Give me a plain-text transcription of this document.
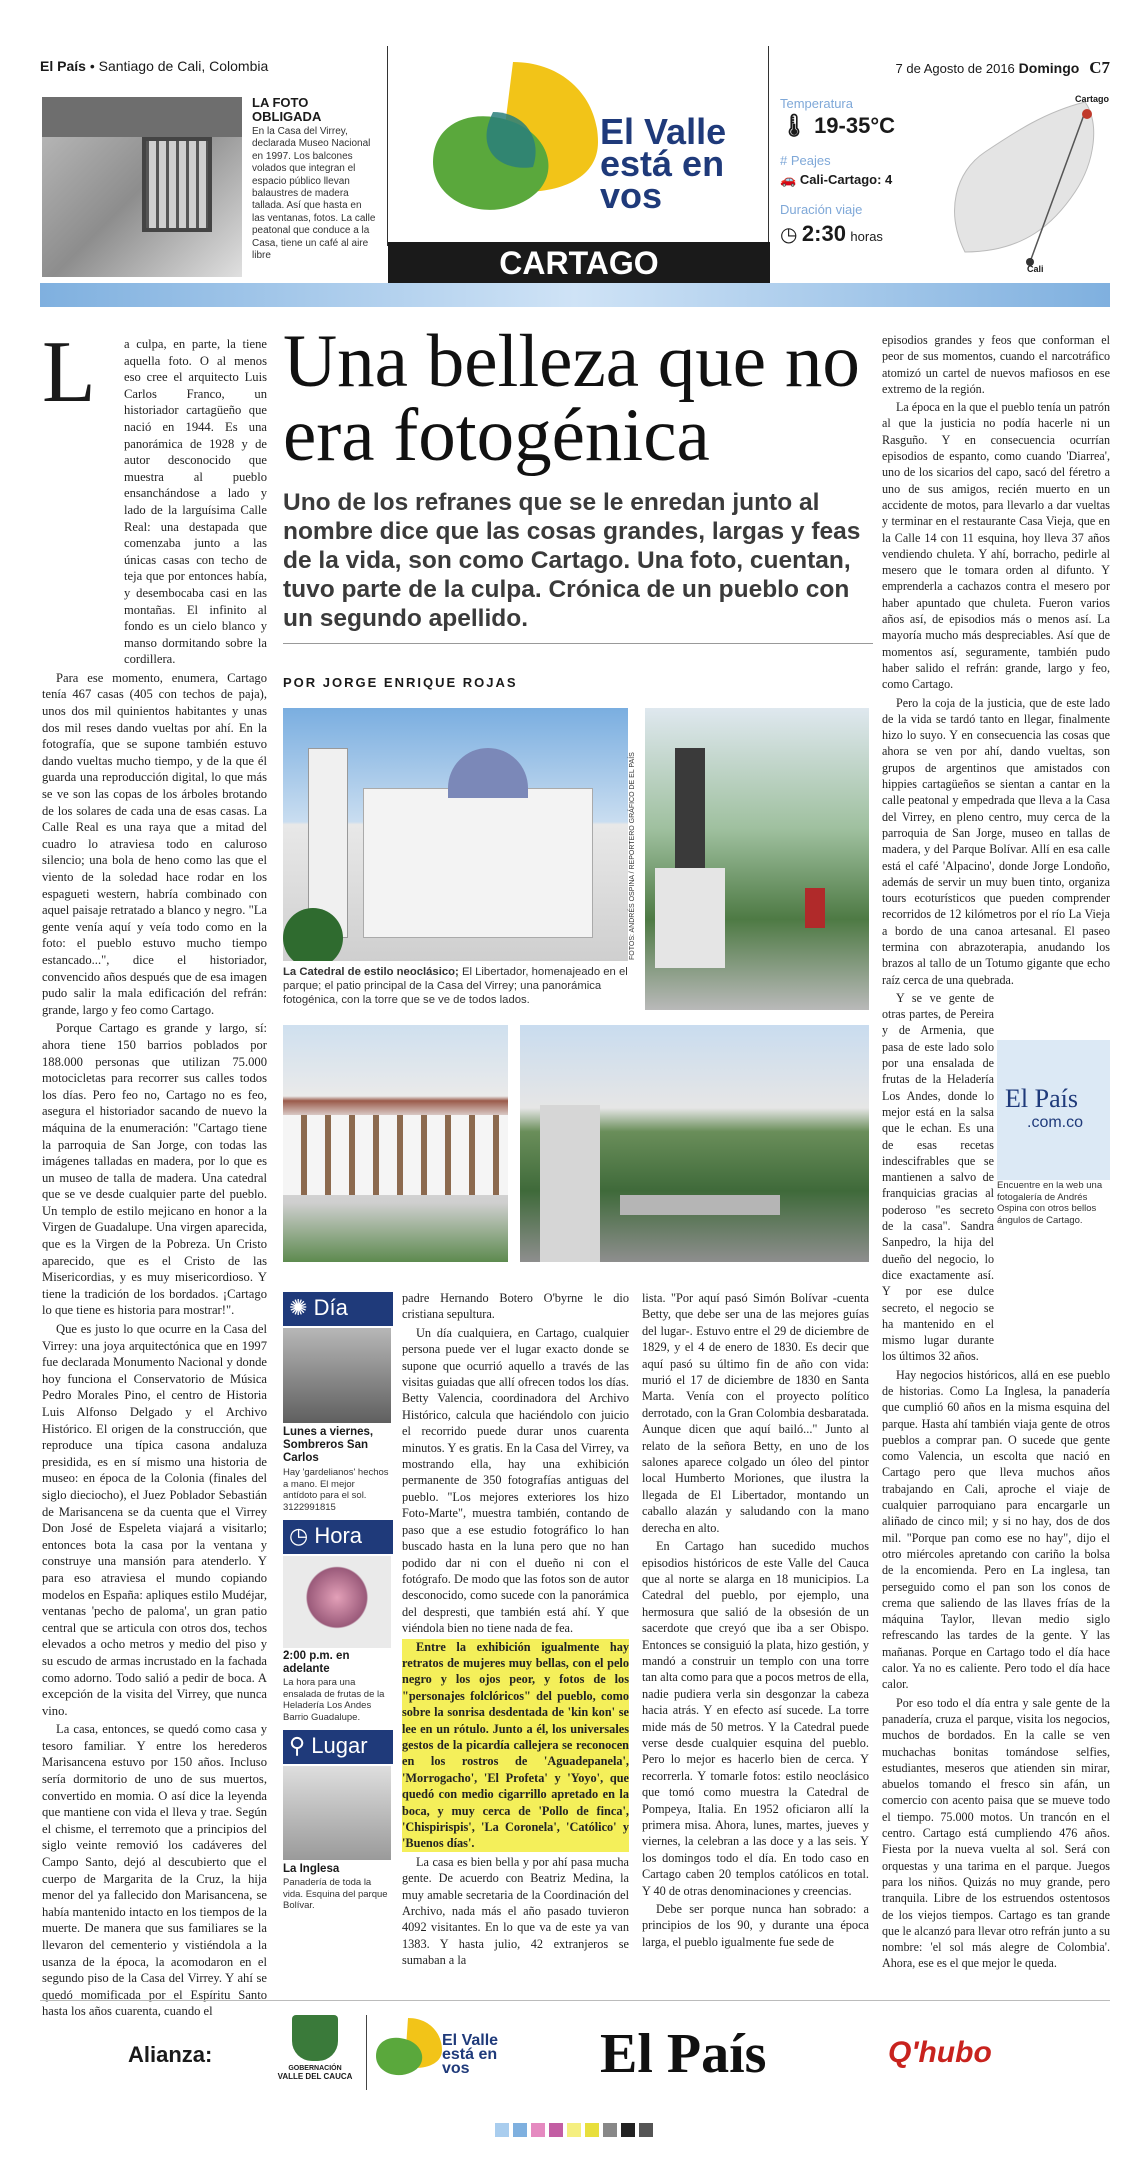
El País • Santiago de Cali, Colombia	7 de Agosto de 2016 Domingo C7
LA FOTO OBLIGADA
En la Casa del Virrey, declarada Museo Nacional en 1997. Los balcones volados que integran el espacio público llevan balaustres de madera tallada. Así que hasta en las ventanas, fotos. La calle peatonal que conduce a la Casa, tiene un café al aire libre
El Valle
está en
vos
CARTAGO
Temperatura
🌡 19-35°C
# Peajes
🚗 Cali-Cartago: 4
Duración viaje
◷ 2:30 horas
Cartago
Cali
Una belleza que no era fotogénica
Uno de los refranes que se le enredan junto al nombre dice que las cosas grandes, largas y feas de la vida, son como Cartago. Una foto, cuentan, tuvo parte de la culpa. Crónica de un pueblo con un segundo apellido.
POR JORGE ENRIQUE ROJAS
L a culpa, en parte, la tiene aquella foto. O al menos eso cree el arquitecto Luis Carlos Franco, un historiador cartagüeño que nació en 1944. Es una panorámica de 1928 y de autor desconocido que muestra al pueblo ensanchándose a lado y lado de la larguísima Calle Real: una destapada que comenzaba junto a las únicas casas con techo de teja que por entonces había, y desembocaba casi en las montañas. El infinito al fondo es un cielo blanco y manso dormitando sobre la cordillera.

Para ese momento, enumera, Cartago tenía 467 casas (405 con techos de paja), unos dos mil quinientos habitantes y unas dos mil reses dando vueltas por ahí. En la fotografía, que se supone también estuvo dando vueltas mucho tiempo, y de la que él guarda una reproducción digital, lo que más se ve son las copas de los árboles brotando de los solares de cada una de esas casas. La Calle Real es una raya que a mitad del cuadro lo atraviesa todo en caluroso silencio; una bola de heno como las que el viento de la soledad hace rodar en los espagueti western, habría combinado con aquel paisaje retratado a blanco y negro. "La gente venía aquí y veía todo como en la foto: el pueblo estuvo mucho tiempo estancado...", dice el historiador, convencido años después que de esa imagen pudo salir la mala edificación del refrán: grande, largo y feo como Cartago.

Porque Cartago es grande y largo, sí: ahora tiene 150 barrios poblados por 188.000 personas que utilizan 75.000 motocicletas para recorrer sus calles todos los días. Pero feo no, Cartago no es feo, asegura el historiador sacando de nuevo la máquina de la enumeración: "Cartago tiene la parroquia de San Jorge, con todas las imágenes talladas en madera, por lo que es un museo de talla de madera. Una catedral que se ve desde cualquier parte del pueblo. Un templo de estilo mejicano en honor a la Virgen de Guadalupe. Una virgen aparecida, que es la Virgen de la Pobreza. Un Cristo aparecido, que es el Cristo de las Misericordias, y es muy misericordioso. Y tiene la tradición de los bordados. ¡Cartago lo que tiene es historia para mostrar!".

Que es justo lo que ocurre en la Casa del Virrey: una joya arquitectónica que en 1997 fue declarada Monumento Nacional y donde hoy funciona el Conservatorio de Música Pedro Morales Pino, el centro de Historia Luis Alfonso Delgado y el Archivo Histórico. El origen de la construcción, que reproduce una típica casona andaluza presidida, es en sí mismo una historia de museo: en época de la Colonia (finales del siglo dieciocho), el Juez Poblador Sebastián de Marisancena se da cuenta que el Virrey Don José de Espeleta viajará a visitarlo; entonces bota la casa por la ventana y construye una mansión para atenderlo. Y para eso atraviesa el mundo copiando modelos en España: apliques estilo Mudéjar, ventanas 'pecho de paloma', un gran patio central que se articula con otros dos, techos elevados a ocho metros y medio del piso y su escudo de armas incrustado en la fachada como adorno. Todo salió a pedir de boca. A excepción de la visita del Virrey, que nunca vino.

La casa, entonces, se quedó como casa y tesoro familiar. Y entre los herederos Marisancena estuvo por 150 años. Incluso sería dormitorio de uno de sus muertos, convertido en momia. O así dice la leyenda que mantiene con vida el lleva y trae. Según el chisme, el terremoto que a principios del siglo veinte removió los cadáveres del Campo Santo, dejó al descubierto que el cuerpo de Margarita de la Cruz, la hija menor del ya fallecido don Marisancena, se había mantenido intacto en los tiempos de la muerte. De manera que sus familiares se la llevaron del cementerio y vistiéndola a la usanza de la época, la acomodaron en el segundo piso de la Casa del Virrey. Y ahí se quedó momificada por el Espíritu Santo hasta los años cuarenta, cuando el

FOTOS: ANDRÉS OSPINA / REPORTERO GRÁFICO DE EL PAÍS
La Catedral de estilo neoclásico; El Libertador, homenajeado en el parque; el patio principal de la Casa del Virrey; una panorámica fotogénica, con la torre que se ve de todos lados.
✺ Día
Lunes a viernes, Sombreros San Carlos
Hay 'gardelianos' hechos a mano. El mejor antídoto para el sol. 3122991815
◷ Hora
2:00 p.m. en adelante
La hora para una ensalada de frutas de la Heladería Los Andes Barrio Guadalupe.
⚲ Lugar
La Inglesa
Panadería de toda la vida. Esquina del parque Bolívar.

padre Hernando Botero O'byrne le dio cristiana sepultura.

Un día cualquiera, en Cartago, cualquier persona puede ver el lugar exacto donde se supone que ocurrió aquello a través de las visitas guiadas que allí ofrecen todos los días. Betty Valencia, coordinadora del Archivo Histórico, calcula que haciéndolo con juicio el recorrido puede durar unos cuarenta minutos. Y es gratis. En la Casa del Virrey, va mostrando ella, hay una exhibición permanente de 350 fotografías antiguas del pueblo. "Los mejores exteriores los hizo Foto-Marte", muestra también, contando de paso que a ese estudio fotográfico lo han buscado hasta en la luna pero que no han podido dar ni con el dueño ni con el fotógrafo. De modo que las fotos son de autor desconocido, como sucede con la panorámica del despresti, que también está ahí. Y que viéndola bien no tiene nada de fea.

Entre la exhibición igualmente hay retratos de mujeres muy bellas, con el pelo negro y los ojos peor, y fotos de los "personajes folclóricos" del pueblo, como sobre la sonrisa desdentada de 'kin kon' se lee en un rótulo. Junto a él, los universales gestos de la picardía callejera se reconocen en los rostros de 'Aguadepanela', 'Morrogacho', 'El Profeta' y 'Yoyo', que quedó con medio cigarrillo apretado en la boca, y muy cerca de 'Pollo de finca', 'Chispirispis', 'La Coronela', 'Católico' y 'Buenos días'.

La casa es bien bella y por ahí pasa mucha gente. De acuerdo con Beatriz Medina, la muy amable secretaria de la Coordinación del Archivo, nada más el año pasado tuvieron 4092 visitantes. En lo que va de este ya van 1383. Y hasta julio, 42 extranjeros se sumaban a la

lista. "Por aquí pasó Simón Bolívar -cuenta Betty, que debe ser una de las mejores guías del lugar-. Estuvo entre el 29 de diciembre de 1829, y el 4 de enero de 1830. Es decir que aquí pasó su último fin de año con vida: murió el 17 de diciembre de 1830 en Santa Marta. Venía con el proyecto político derrotado, con la Gran Colombia desbaratada. Aunque dicen que aquí bailó..." Junto al relato de la señora Betty, en uno de los salones aparece colgado un óleo del pintor local Humberto Moriones, que ilustra la llegada de El Libertador, montando un caballo alazán y saludando con la mano derecha en alto.

En Cartago han sucedido muchos episodios históricos de este Valle del Cauca que al norte se alarga en 18 municipios. La Catedral del pueblo, por ejemplo, una hermosura que salió de la obsesión de un sacerdote que creyó que iba a ser Obispo. Entonces se consiguió la plata, hizo gestión, y mandó a construir un templo con una torre tan alta como para que a pocos metros de ella, nadie pudiera verla sin desgonzar la cabeza hacia atrás. Y en efecto así sucede. La torre mide más de 50 metros. Y la Catedral puede verse desde cualquier esquina del pueblo. Pero lo mejor es hacerlo bien de cerca. Y recorrerla. Y tomarle fotos: estilo neoclásico que tomó como muestra la Catedral de Pompeya, Italia. En 1952 oficiaron allí la primera misa. Ahora, lunes, martes, jueves y viernes, la celebran a las doce y a las seis. Y los domingos todo el día. En todo caso en Cartago caben 20 templos católicos en total. Y 40 de otras denominaciones y creencias.

Debe ser porque nunca han sobrado: a principios de los 90, y durante una época larga, el pueblo igualmente fue sede de

episodios grandes y feos que conforman el peor de sus momentos, cuando el narcotráfico atomizó un cartel de nuevos mafiosos en ese extremo de la región.

La época en la que el pueblo tenía un patrón al que la justicia no podía hacerle ni un Rasguño. Y en consecuencia ocurrían episodios de espanto, como cuando 'Diarrea', uno de los sicarios del capo, sacó del féretro a uno de sus amigos, recién muerto en un accidente de motos, para llevarlo a dar vueltas y terminar en el restaurante Casa Vieja, que en la Calle 14 con 11 esquina, hoy lleva 37 años vendiendo chuleta. Y ahí, borracho, pedirle al mesero que le tomara orden al difunto. Y emprenderla a cachazos contra el mesero por haber apuntado que chuleta. Fueron varios años así, de episodios más o menos así. La mayoría mucho más despreciables. Así que de momentos así, seguramente, también pudo haber salido el refrán: grande, largo y feo, como Cartago.

Pero la coja de la justicia, que de este lado de la vida se tardó tanto en llegar, finalmente hizo lo suyo. Y en consecuencia las cosas que ahora se ven por ahí, dando vueltas, son grupos de argentinos que amistados con hippies cartagüeños se sientan a cantar en la calle peatonal y empedrada que lleva a la Casa del Virrey, en pleno centro, muy cerca de la parroquia de San Jorge, museo en tallas de madera, y del Parque Bolívar. Allí en esa calle está el café 'Alpacino', donde Jorge Londoño, además de servir un muy buen tinto, organiza tours ecoturísticos que pueden comprender recorridos de 12 kilómetros por el río La Vieja a bordo de una canoa artesanal. El paseo termina con abrazoterapia, anudando los brazos al tallo de un Totumo gigante que echo raíz cerca de una quebrada.

Y se ve gente de otras partes, de Pereira y de Armenia, que pasa de este lado solo por una ensalada de frutas de la Heladería Los Andes, donde lo mejor está en la salsa que le echan. Es una de esas recetas indescifrables que se mantienen a salvo de franquicias gracias al poderoso "es secreto de la casa". Sandra Sanpedro, la hija del dueño del negocio, lo dice exactamente así. Y por ese dulce secreto, el negocio se ha mantenido en el mismo lugar durante los últimos 32 años.

Hay negocios históricos, allá en ese pueblo de historias. Como La Inglesa, la panadería que cumplió 60 años en la misma esquina del parque. Hasta ahí también viaja gente de otros pueblos a comprar pan. O sucede que gente como Valencia, un escolta que nació en Cartago pero que lleva muchos años trabajando en Cali, aproche el viaje de cualquier parroquiano para encargarle un aliñado de cinco mil; y si no hay, dos de dos mil. "Porque pan como ese no hay", dijo el otro miércoles apretando con cariño la bolsa de la encomienda. Pero en La inglesa, tan perseguido como el pan son los conos de crema que saliendo de las llaves frías de la máquina Taylor, llevan medio siglo refrescando las tardes de la gente. Y las mañanas. Porque en Cartago todo el día hace calor. Ya no es caliente. Pero todo el día hace calor.

Por eso todo el día entra y sale gente de la panadería, cruza el parque, visita los negocios, muchos de bordados. En la calle se ven muchachas bonitas tomándose selfies, estudiantes, meseros que atienden sin mirar, abuelos tomando el fresco sin afán, un comercio con acento paisa que se mueve todo el tiempo. 75.000 motos. Un trancón en el centro. Cartago está cumpliendo 476 años. Fiesta por la nueva vuelta al sol. Será con orquestas y una tarima en el parque. Juegos para los niños. Quizás no muy grande, pero tranquila. Libre de los estruendos ostentosos de los viejos tiempos. Cartago es tan grande que le alcanzó para llevar otro refrán junto a su nombre: 'el sol más alegre de Colombia'. Ahora, ese es el que mejor le queda.

El País
.com.co
Encuentre en la web una fotogalería de Andrés Ospina con otros bellos ángulos de Cartago.
Alianza:
GOBERNACIÓN
VALLE DEL CAUCA
El Valle
está en
vos	El País	Q'hubo
